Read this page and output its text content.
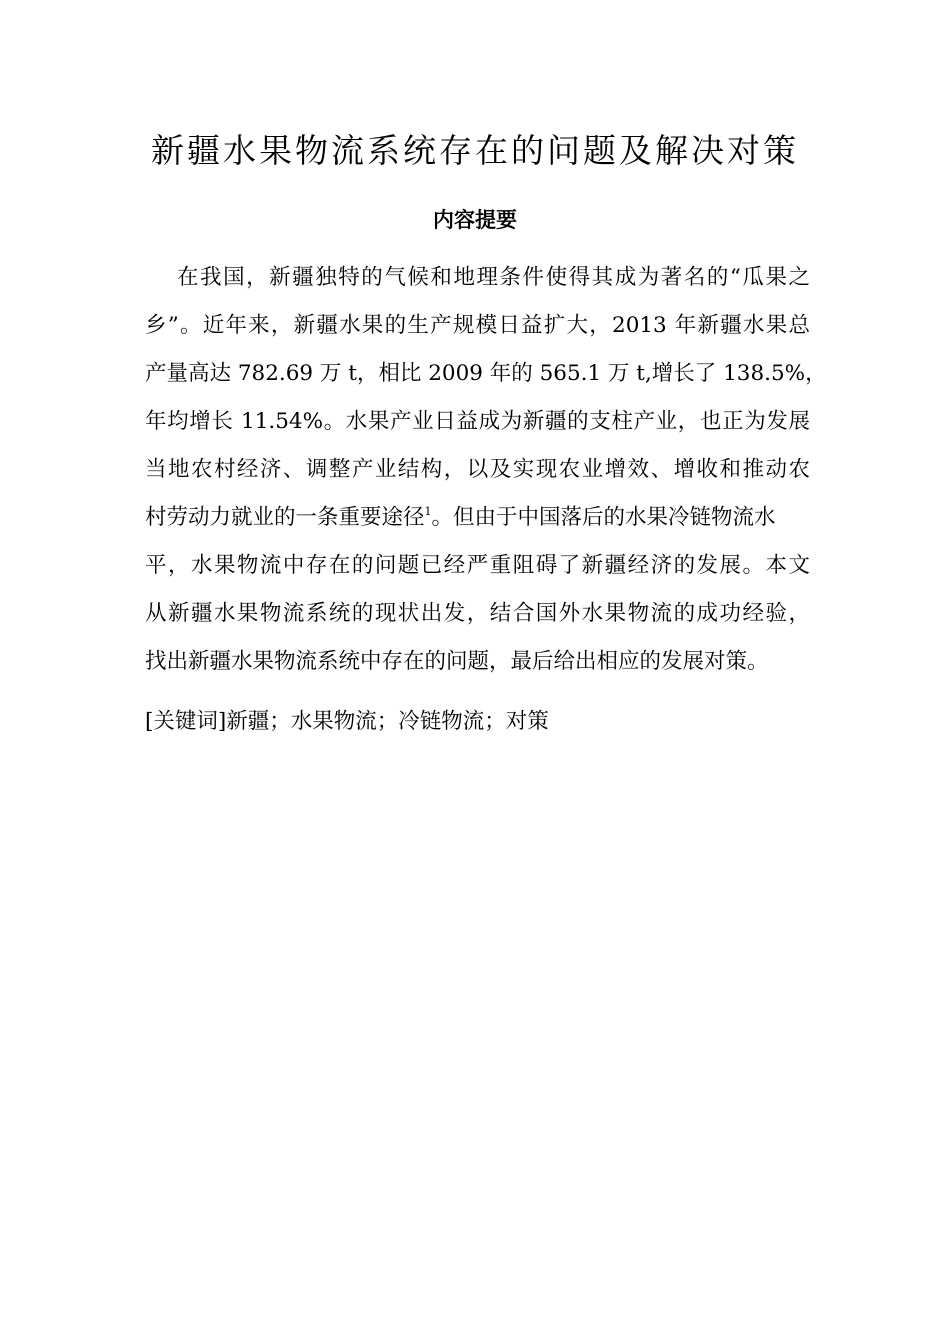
新疆水果物流系统存在的问题及解决对策
内容提要
在我国，新疆独特的气候和地理条件使得其成为著名的“瓜果之
乡”。近年来，新疆水果的生产规模日益扩大，2013 年新疆水果总
产量高达 782.69 万 t，相比 2009 年的 565.1 万 t,增长了 138.5%，
年均增长 11.54%。水果产业日益成为新疆的支柱产业，也正为发展
当地农村经济、调整产业结构，以及实现农业增效、增收和推动农
村劳动力就业的一条重要途径$^1$。但由于中国落后的水果冷链物流水
平，水果物流中存在的问题已经严重阻碍了新疆经济的发展。本文
从新疆水果物流系统的现状出发，结合国外水果物流的成功经验，
找出新疆水果物流系统中存在的问题，最后给出相应的发展对策。
[关键词]新疆；水果物流；冷链物流；对策
